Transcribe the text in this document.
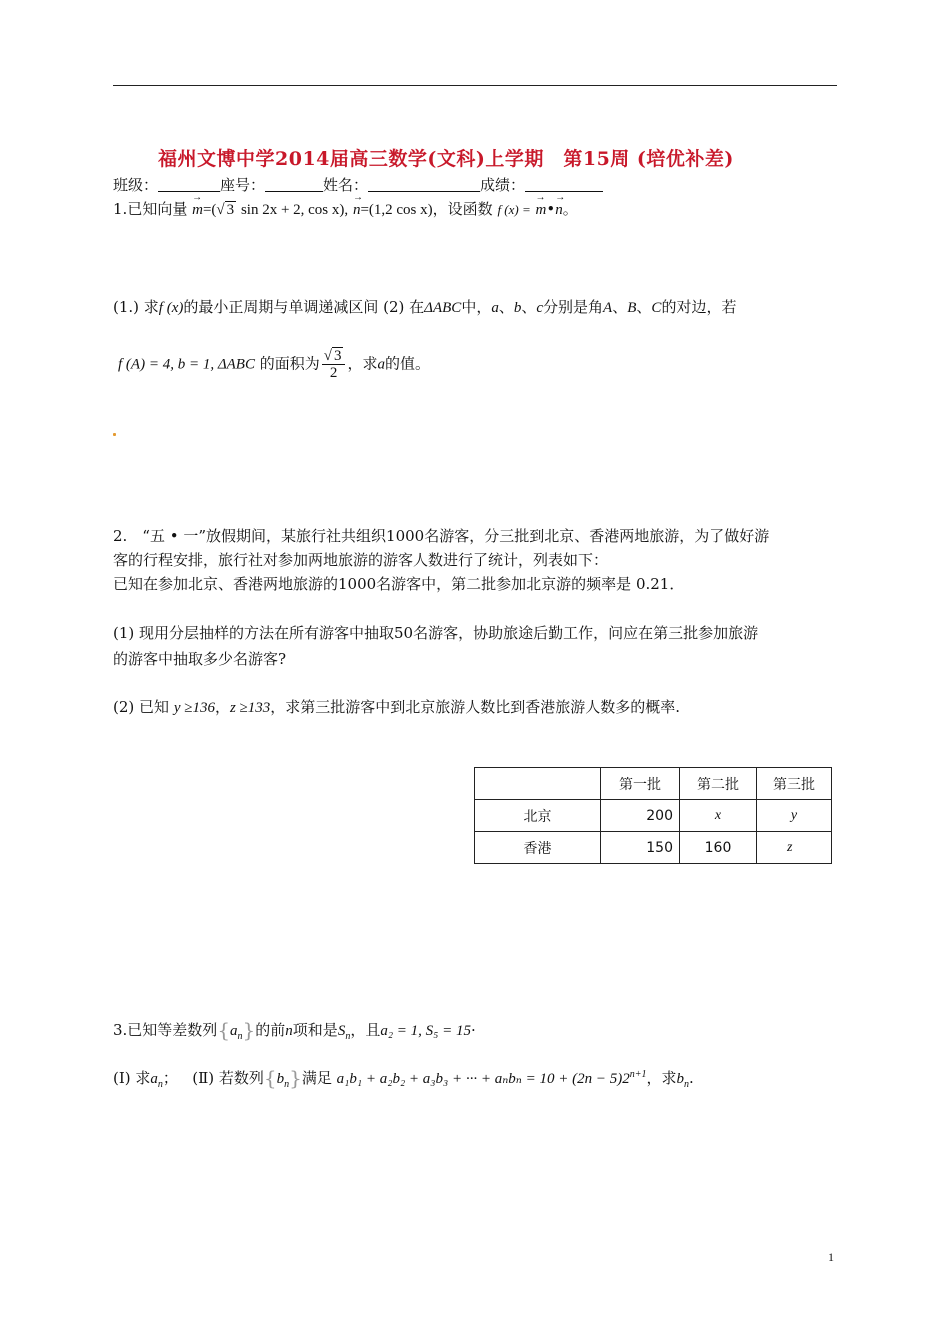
福州文博中学2014届高三数学(文科)上学期　第15周 (培优补差)
班级：	座号：	姓名：	成绩：
1.已知向量 → m=(√ 3 sin 2x + 2, cos x), → n=(1,2 cos x)，设函数 f (x) = → m•→ n。
(1.) 求f (x)的最小正周期与单调递减区间 (2) 在ΔABC中，a、b、c分别是角A、B、C的对边，若
f (A) = 4, b = 1, ΔABC 的面积为 $\frac{√ 3}{2}$ ，求a的值。
2.　“五 • 一”放假期间，某旅行社共组织1000名游客，分三批到北京、香港两地旅游，为了做好游
客的行程安排，旅行社对参加两地旅游的游客人数进行了统计，列表如下：
已知在参加北京、香港两地旅游的1000名游客中，第二批参加北京游的频率是 0.21．
(1) 现用分层抽样的方法在所有游客中抽取50名游客，协助旅途后勤工作，问应在第三批参加旅游
的游客中抽取多少名游客?
(2) 已知 y ≥136，z ≥133，求第三批游客中到北京旅游人数比到香港旅游人数多的概率.
	第一批	第二批	第三批
北京	200	x	y
香港	150	160	z
3.已知等差数列$\{a_n\}$的前n项和是$S_n$，且a₂ = 1, S₅ = 15·
(Ⅰ) 求$a_n$； (Ⅱ) 若数列$\{b_n\}$满足 a₁b₁ + a₂b₂ + a₃b₃ + ··· + $a_nb_n = 10 + (2n - 5)2^{n+1}$，求$b_n$.
1
